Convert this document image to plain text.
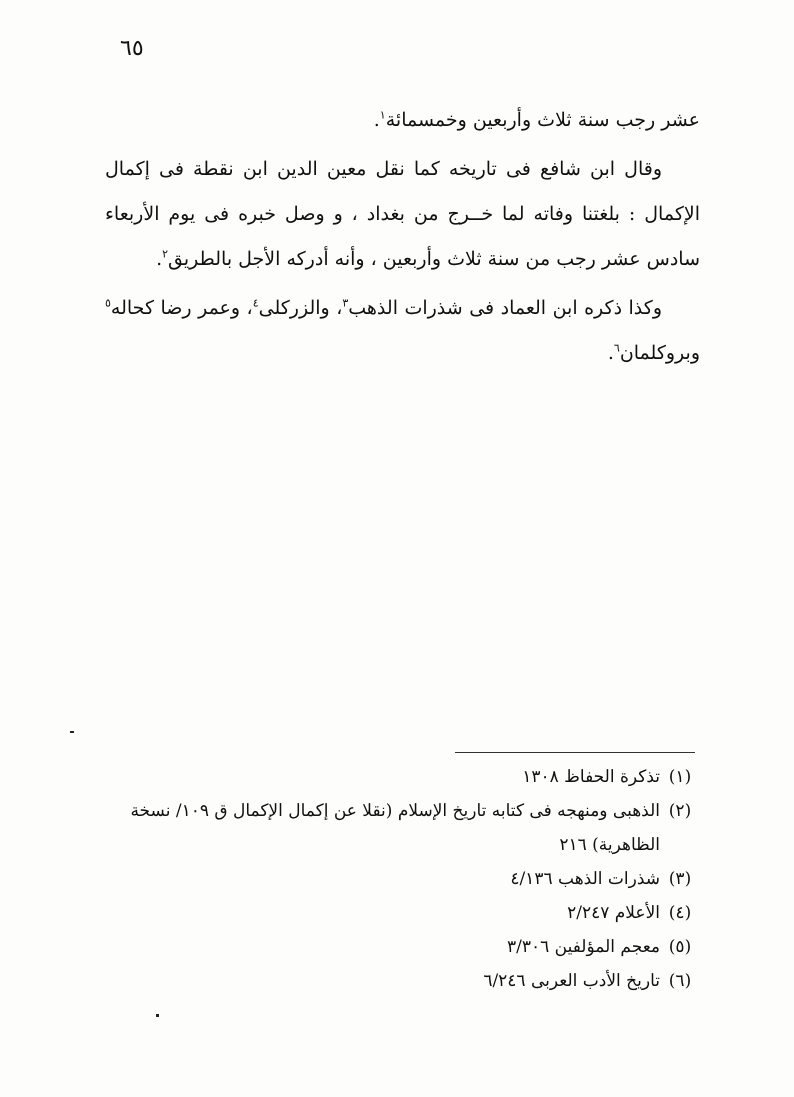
٦٥

عشر رجب سنة ثلاث وأربعين وخمسمائة$^١$.

وقال ابن شافع فى تاريخه كما نقل معين الدين ابن نقطة فى إكمال الإكمال : بلغتنا وفاته لما خــرج من بغداد ، و وصل خبره فى يوم الأربعاء سادس عشر رجب من سنة ثلاث وأربعين ، وأنه أدركه الأجل بالطريق$^٢$.

وكذا ذكره ابن العماد فى شذرات الذهب$^٣$، والزركلى$^٤$، وعمر رضا كحاله$^٥$ وبروكلمان$^٦$.

(١)
تذكرة الحفاظ ١٣٠٨
(٢)
الذهبى ومنهجه فى كتابه تاريخ الإسلام (نقلا عن إكمال الإكمال ق ١٠٩/ نسخة الظاهرية) ٢١٦
(٣)
شذرات الذهب ٤/١٣٦
(٤)
الأعلام ٢/٢٤٧
(٥)
معجم المؤلفين ٣/٣٠٦
(٦)
تاريخ الأدب العربى ٦/٢٤٦
